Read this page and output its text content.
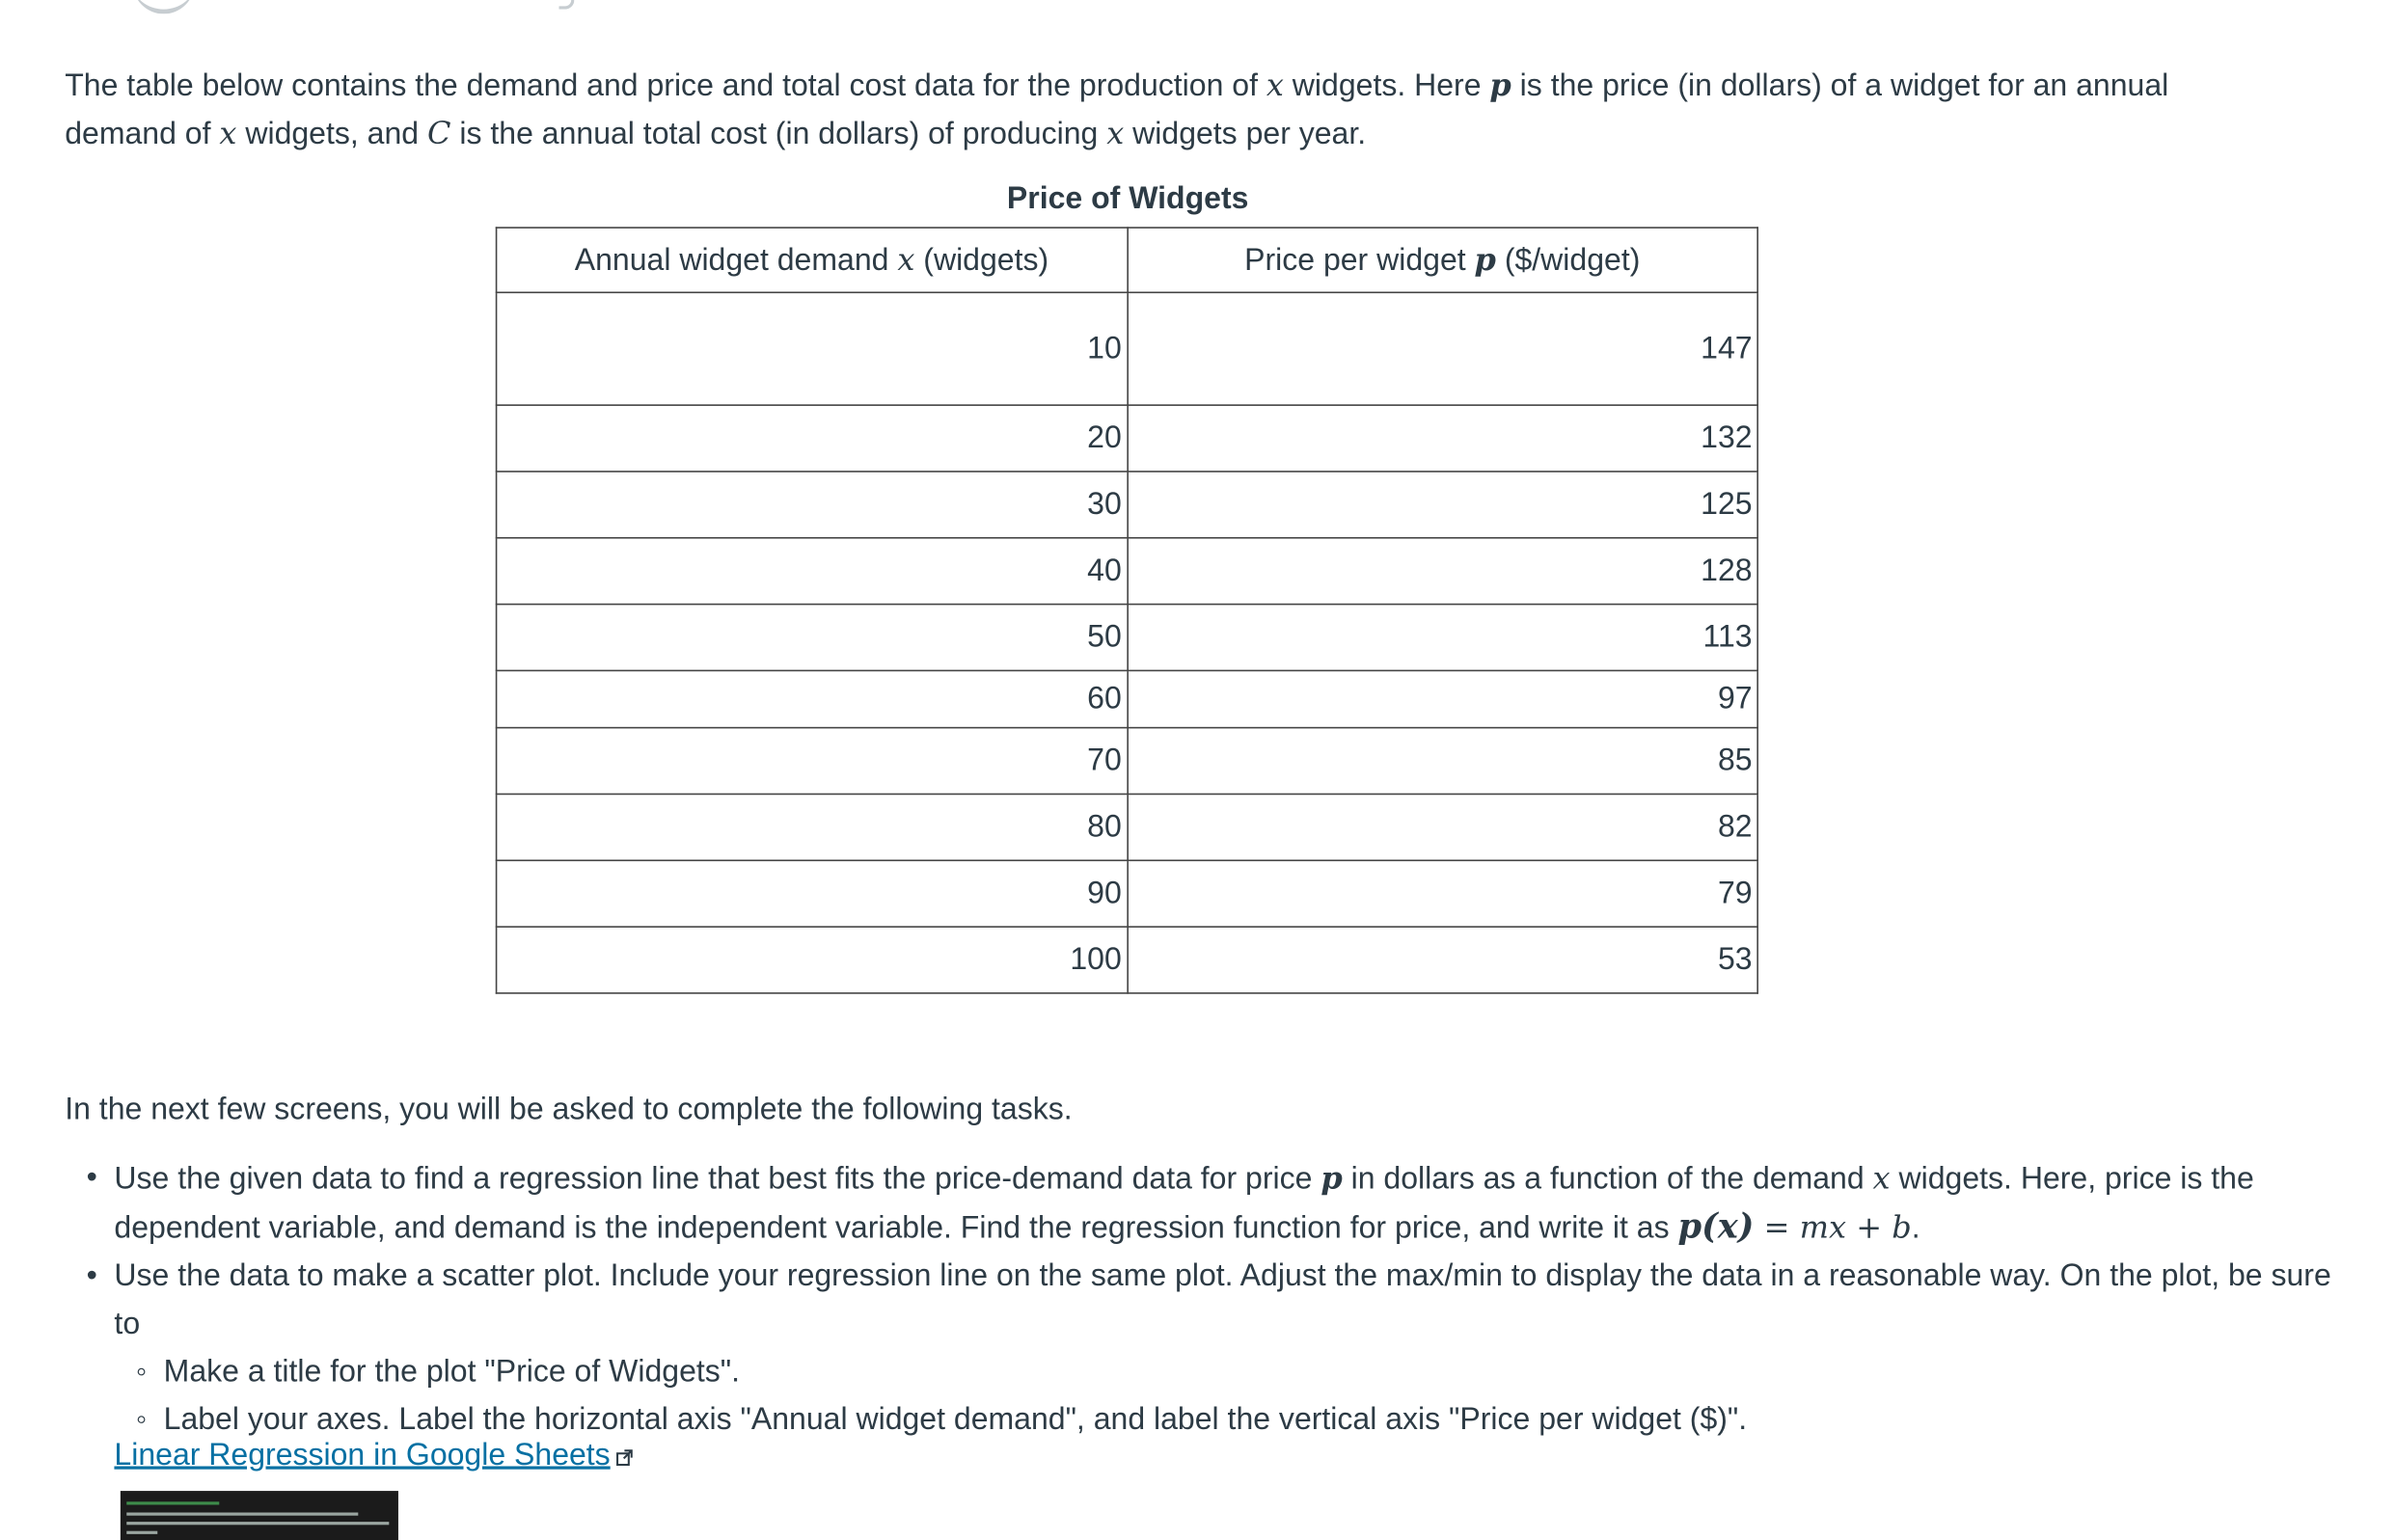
The table below contains the demand and price and total cost data for the production of x widgets. Here p is the price (in dollars) of a widget for an annual demand of x widgets, and C is the annual total cost (in dollars) of producing x widgets per year.

Price of Widgets
Annual widget demand x (widgets)	Price per widget p ($/widget)
10	147
20	132
30	125
40	128
50	113
60	97
70	85
80	82
90	79
100	53

In the next few screens, you will be asked to complete the following tasks.

• Use the given data to find a regression line that best fits the price-demand data for price p in dollars as a function of the demand x widgets. Here, price is the dependent variable, and demand is the independent variable. Find the regression function for price, and write it as p(x) = mx + b.
• Use the data to make a scatter plot. Include your regression line on the same plot. Adjust the max/min to display the data in a reasonable way. On the plot, be sure to
◦ Make a title for the plot "Price of Widgets".
◦ Label your axes. Label the horizontal axis "Annual widget demand", and label the vertical axis "Price per widget ($)".
Linear Regression in Google Sheets
